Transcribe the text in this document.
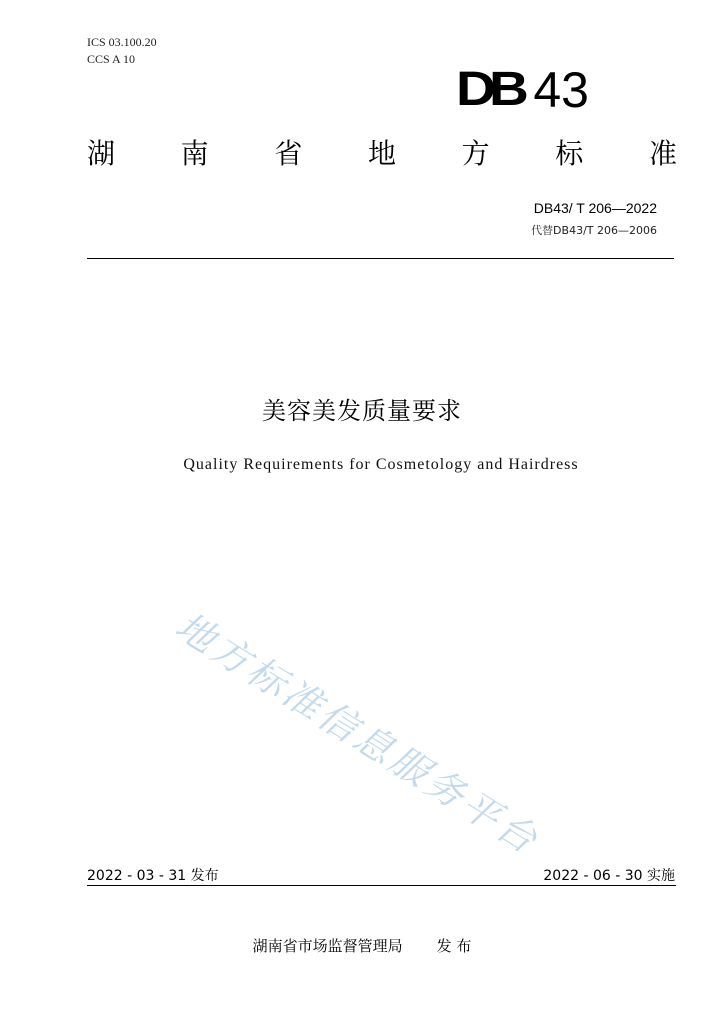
ICS 03.100.20
CCS A 10
DB 43
湖 南 省 地 方 标 准
DB43/ T 206—2022
代替DB43/T 206—2006
美容美发质量要求
Quality Requirements for Cosmetology and Hairdress
地方标准信息服务平台
2022 - 03 - 31 发布	2022 - 06 - 30 实施
湖南省市场监督管理局 发 布
